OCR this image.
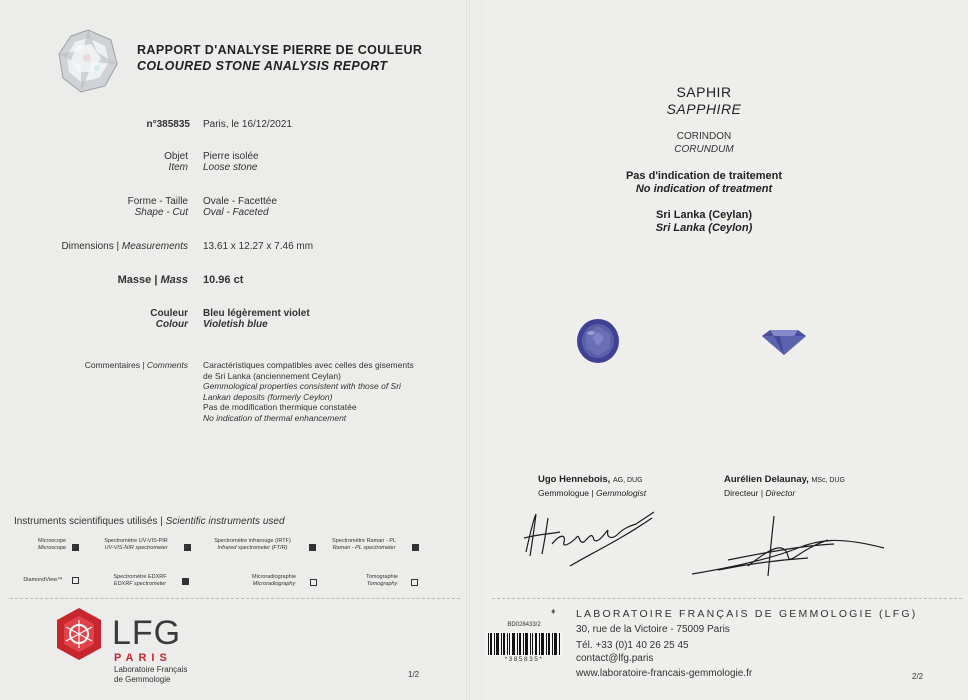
RAPPORT D'ANALYSE PIERRE DE COULEUR
COLOURED STONE ANALYSIS REPORT
n°385835 Paris, le 16/12/2021
Objet
Item
Pierre isolée
Loose stone
Forme - Taille
Shape - Cut
Ovale - Facettée
Oval - Faceted
Dimensions | Measurements 13.61 x 12.27 x 7.46 mm
Masse | Mass 10.96 ct
Couleur
Colour
Bleu légèrement violet
Violetish blue
Commentaires | Comments Caractéristiques compatibles avec celles des gisements
de Sri Lanka (anciennement Ceylan)
Gemmological properties consistent with those of Sri
Lankan deposits (formerly Ceylon)
Pas de modification thermique constatée
No indication of thermal enhancement
Instruments scientifiques utilisés | Scientific instruments used
Microscope
Microscope
Spectromètre UV-VIS-PIR
UV-VIS-NIR spectrometer
Spectromètre infrarouge (IRTF)
Infrared spectrometer (FTIR)
Spectromètre Raman - PL
Raman - PL spectrometer
DiamondView™	Spectromètre EDXRF
EDXRF spectrometer
Microradiographie
Microradiography
Tomographie
Tomography
LFG
PARIS
Laboratoire Français
de Gemmologie
1/2
SAPHIR
SAPPHIRE
CORINDON
CORUNDUM
Pas d'indication de traitement
No indication of treatment
Sri Lanka (Ceylan)
Sri Lanka (Ceylon)
Ugo Hennebois, AG, DUG
Gemmologue | Gemmologist
Aurélien Delaunay, MSc, DUG
Directeur | Director
BD028433/2
*385835*
♦ LABORATOIRE FRANÇAIS DE GEMMOLOGIE (LFG)
30, rue de la Victoire - 75009 Paris
Tél. +33 (0)1 40 26 25 45
contact@lfg.paris
www.laboratoire-francais-gemmologie.fr	2/2
